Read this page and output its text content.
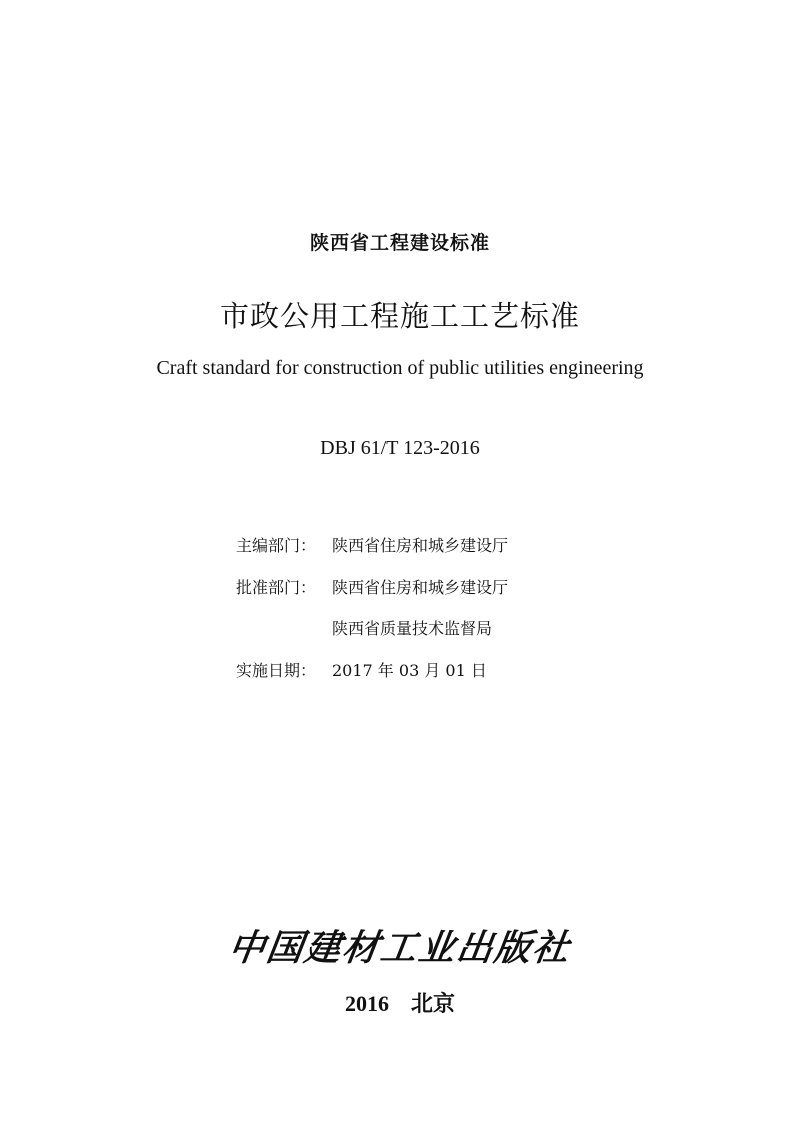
陕西省工程建设标准
市政公用工程施工工艺标准
Craft standard for construction of public utilities engineering
DBJ 61/T 123-2016
主编部门： 陕西省住房和城乡建设厅
批准部门： 陕西省住房和城乡建设厅
陕西省质量技术监督局
实施日期： 2017 年 03 月 01 日
中国建材工业出版社
2016 北京
